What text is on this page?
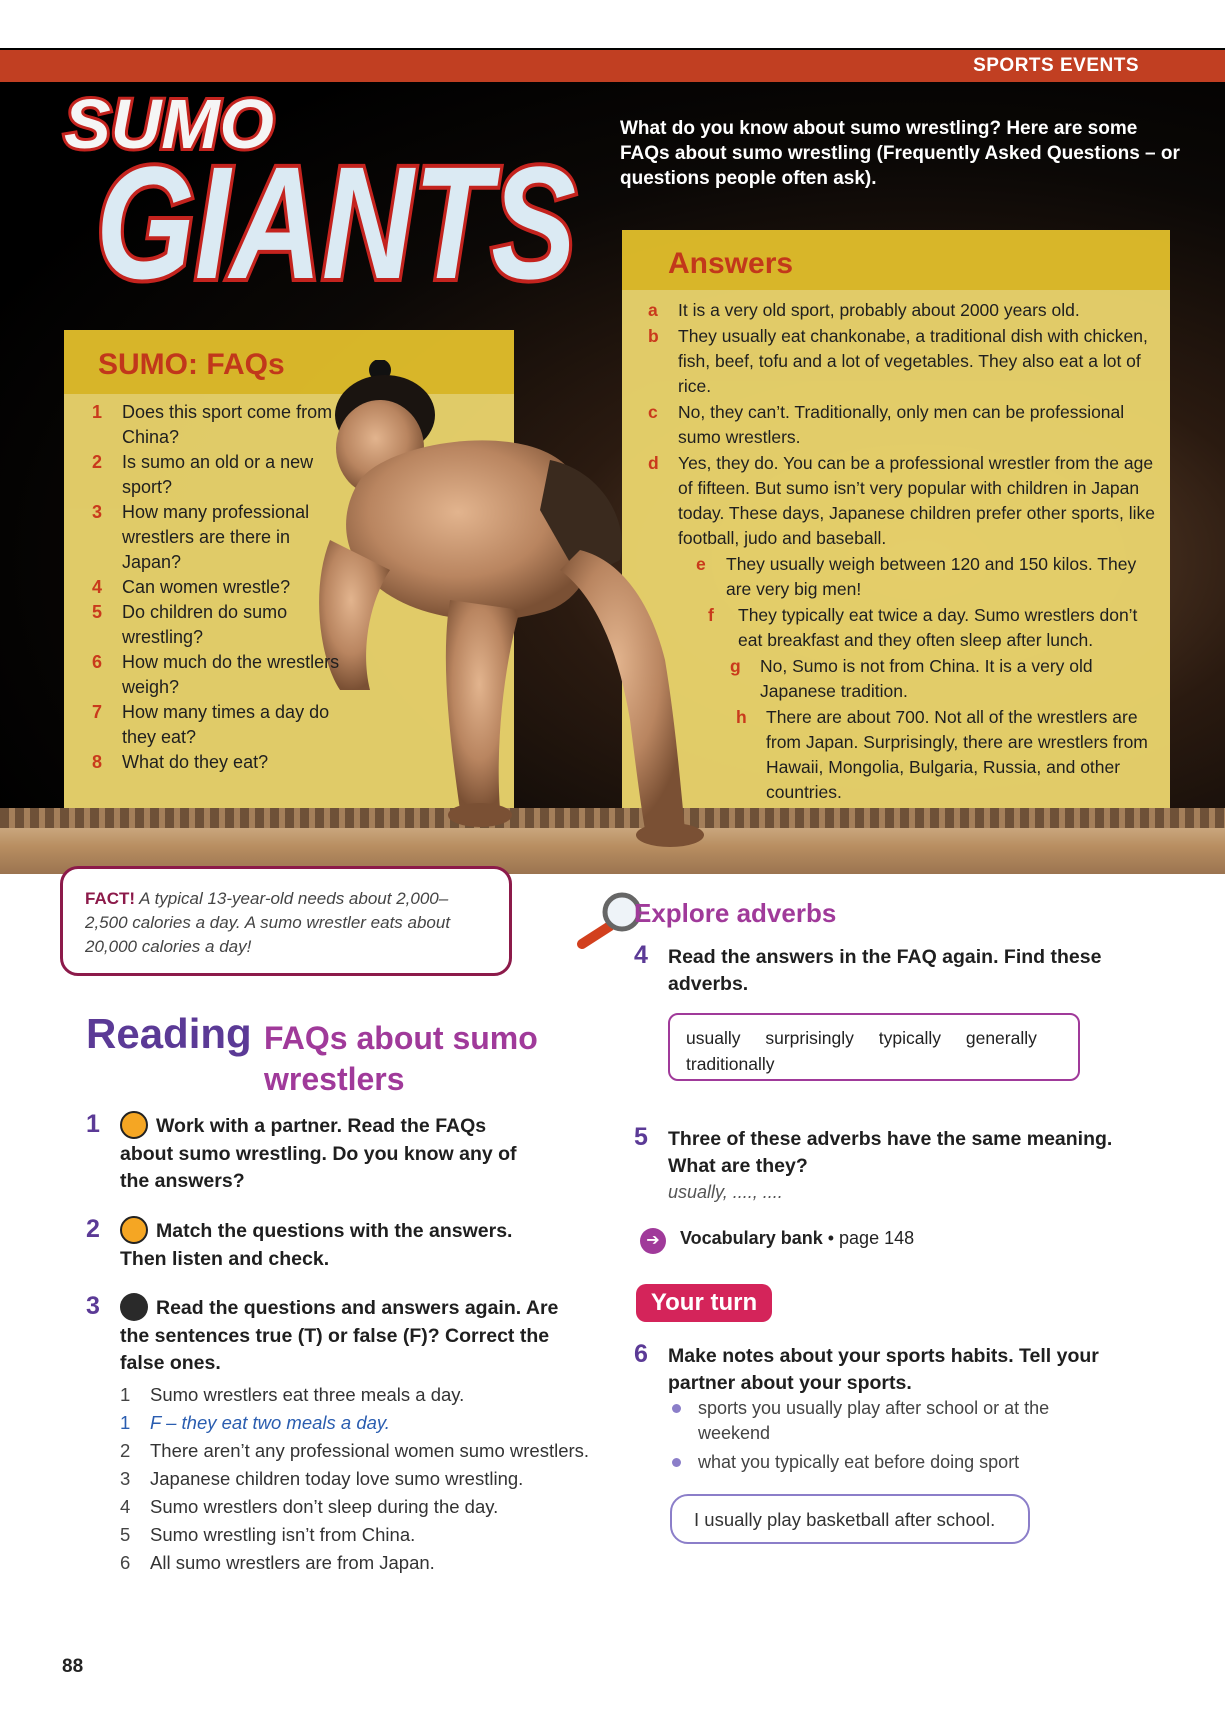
SPORTS EVENTS
SUMO
GIANTS
What do you know about sumo wrestling? Here are some FAQs about sumo wrestling (Frequently Asked Questions – or questions people often ask).
SUMO: FAQs
Answers
1 Does this sport come from China?
2 Is sumo an old or a new sport?
3 How many professional wrestlers are there in Japan?
4 Can women wrestle?
5 Do children do sumo wrestling?
6 How much do the wrestlers weigh?
7 How many times a day do they eat?
8 What do they eat?
a It is a very old sport, probably about 2000 years old.
b They usually eat chankonabe, a traditional dish with chicken, fish, beef, tofu and a lot of vegetables. They also eat a lot of rice.
c No, they can’t. Traditionally, only men can be professional sumo wrestlers.
d Yes, they do. You can be a professional wrestler from the age of fifteen. But sumo isn’t very popular with children in Japan today. These days, Japanese children prefer other sports, like football, judo and baseball.
e They usually weigh between 120 and 150 kilos. They are very big men!
f They typically eat twice a day. Sumo wrestlers don’t eat breakfast and they often sleep after lunch.
g No, Sumo is not from China. It is a very old Japanese tradition.
h There are about 700. Not all of the wrestlers are from Japan. Surprisingly, there are wrestlers from Hawaii, Mongolia, Bulgaria, Russia, and other countries.
FACT! A typical 13-year-old needs about 2,000–2,500 calories a day. A sumo wrestler eats about 20,000 calories a day!
Reading FAQs about sumo wrestlers
1	Work with a partner. Read the FAQs about sumo wrestling. Do you know any of the answers?
2	Match the questions with the answers. Then listen and check.
3	Read the questions and answers again. Are the sentences true (T) or false (F)? Correct the false ones.
1 Sumo wrestlers eat three meals a day.
1 F – they eat two meals a day.
2 There aren’t any professional women sumo wrestlers.
3 Japanese children today love sumo wrestling.
4 Sumo wrestlers don’t sleep during the day.
5 Sumo wrestling isn’t from China.
6 All sumo wrestlers are from Japan.
Explore adverbs
4 Read the answers in the FAQ again. Find these adverbs.
usually surprisingly typically generally traditionally
5 Three of these adverbs have the same meaning. What are they?
usually, ...., ....
➔	Vocabulary bank • page 148
Your turn
6 Make notes about your sports habits. Tell your partner about your sports.
sports you usually play after school or at the weekend
what you typically eat before doing sport
I usually play basketball after school.
88
